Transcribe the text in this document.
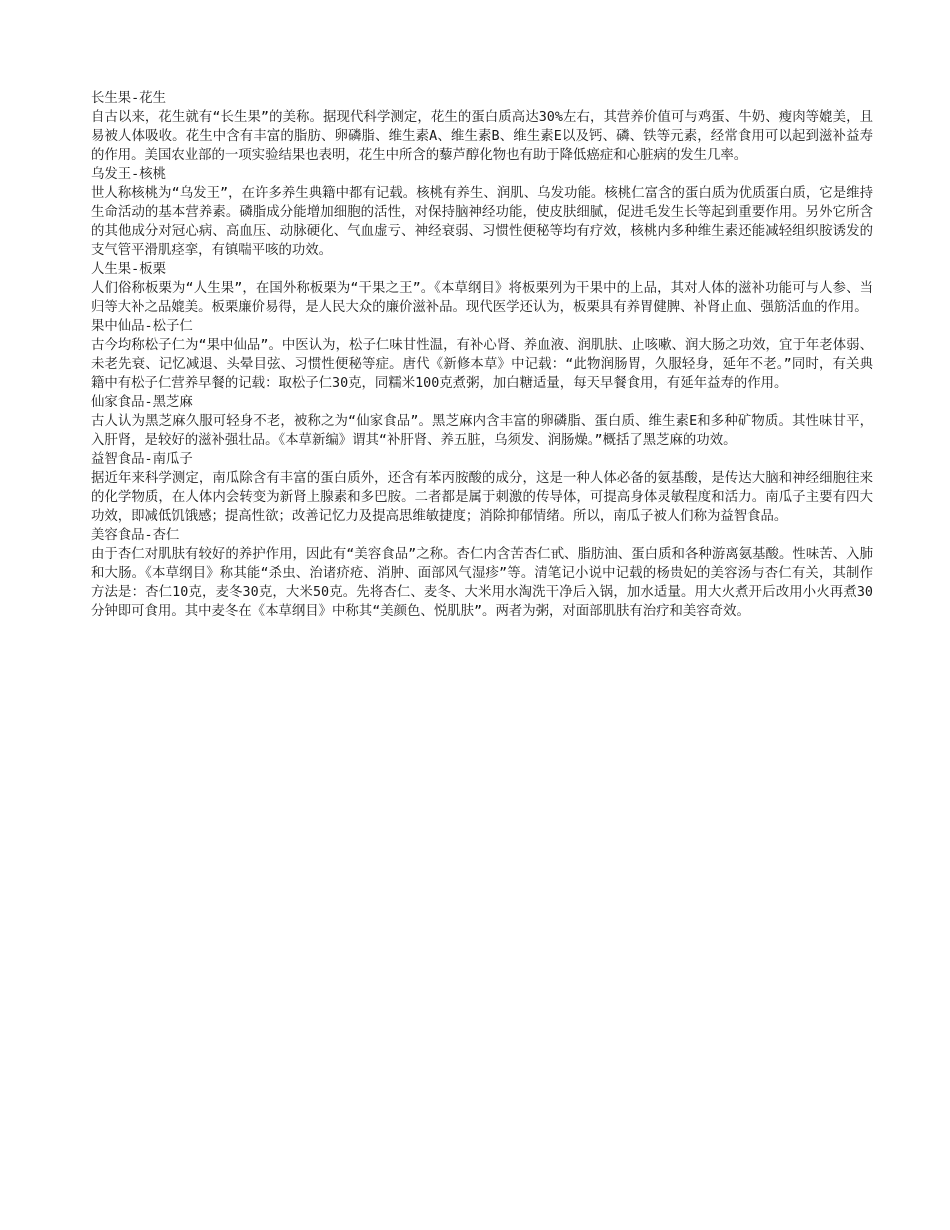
长生果-花生

自古以来，花生就有“长生果”的美称。据现代科学测定，花生的蛋白质高达30%左右，其营养价值可与鸡蛋、牛奶、瘦肉等媲美，且易被人体吸收。花生中含有丰富的脂肪、卵磷脂、维生素A、维生素B、维生素E以及钙、磷、铁等元素，经常食用可以起到滋补益寿的作用。美国农业部的一项实验结果也表明，花生中所含的藜芦醇化物也有助于降低癌症和心脏病的发生几率。

乌发王-核桃

世人称核桃为“乌发王”，在许多养生典籍中都有记载。核桃有养生、润肌、乌发功能。核桃仁富含的蛋白质为优质蛋白质，它是维持生命活动的基本营养素。磷脂成分能增加细胞的活性，对保持脑神经功能，使皮肤细腻，促进毛发生长等起到重要作用。另外它所含的其他成分对冠心病、高血压、动脉硬化、气血虚亏、神经衰弱、习惯性便秘等均有疗效，核桃内多种维生素还能减轻组织胺诱发的支气管平滑肌痉挛，有镇喘平咳的功效。

人生果-板栗

人们俗称板栗为“人生果”，在国外称板栗为“干果之王”。《本草纲目》将板栗列为干果中的上品，其对人体的滋补功能可与人参、当归等大补之品媲美。板栗廉价易得，是人民大众的廉价滋补品。现代医学还认为，板栗具有养胃健脾、补肾止血、强筋活血的作用。

果中仙品-松子仁

古今均称松子仁为“果中仙品”。中医认为，松子仁味甘性温，有补心肾、养血液、润肌肤、止咳嗽、润大肠之功效，宜于年老体弱、未老先衰、记忆减退、头晕目弦、习惯性便秘等症。唐代《新修本草》中记载：“此物润肠胃，久服轻身，延年不老。”同时，有关典籍中有松子仁营养早餐的记载：取松子仁30克，同糯米100克煮粥，加白糖适量，每天早餐食用，有延年益寿的作用。

仙家食品-黑芝麻

古人认为黑芝麻久服可轻身不老，被称之为“仙家食品”。黑芝麻内含丰富的卵磷脂、蛋白质、维生素E和多种矿物质。其性味甘平，入肝肾，是较好的滋补强壮品。《本草新编》谓其“补肝肾、养五脏，乌须发、润肠燥。”概括了黑芝麻的功效。

益智食品-南瓜子

据近年来科学测定，南瓜除含有丰富的蛋白质外，还含有苯丙胺酸的成分，这是一种人体必备的氨基酸，是传达大脑和神经细胞往来的化学物质，在人体内会转变为新肾上腺素和多巴胺。二者都是属于刺激的传导体，可提高身体灵敏程度和活力。南瓜子主要有四大功效，即减低饥饿感；提高性欲；改善记忆力及提高思维敏捷度；消除抑郁情绪。所以，南瓜子被人们称为益智食品。

美容食品-杏仁

由于杏仁对肌肤有较好的养护作用，因此有“美容食品”之称。杏仁内含苦杏仁甙、脂肪油、蛋白质和各种游离氨基酸。性味苦、入肺和大肠。《本草纲目》称其能“杀虫、治诸疥疮、消肿、面部风气湿疹”等。清笔记小说中记载的杨贵妃的美容汤与杏仁有关，其制作方法是：杏仁10克，麦冬30克，大米50克。先将杏仁、麦冬、大米用水淘洗干净后入锅，加水适量。用大火煮开后改用小火再煮30分钟即可食用。其中麦冬在《本草纲目》中称其“美颜色、悦肌肤”。两者为粥，对面部肌肤有治疗和美容奇效。
